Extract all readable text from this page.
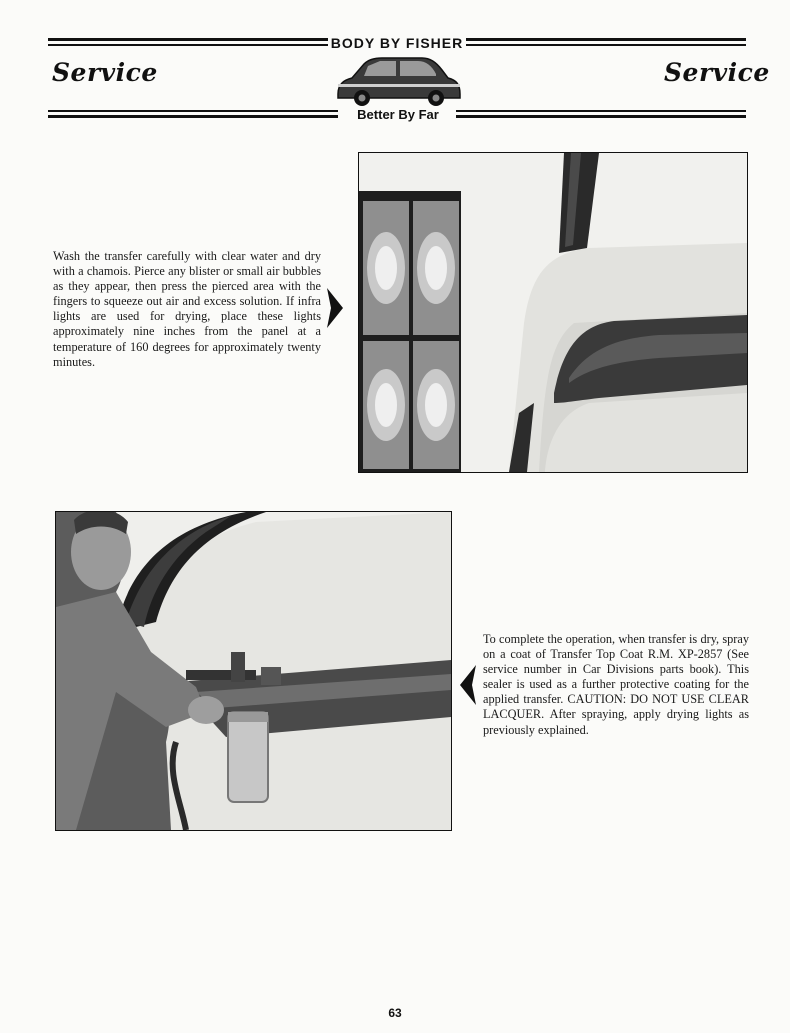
BODY BY FISHER
Service	Service
Better By Far
Wash the transfer carefully with clear water and dry with a chamois. Pierce any blister or small air bubbles as they appear, then press the pierced area with the fingers to squeeze out air and excess solution. If infra lights are used for drying, place these lights approximately nine inches from the panel at a temperature of 160 degrees for approximately twenty minutes.
To complete the operation, when transfer is dry, spray on a coat of Transfer Top Coat R.M. XP-2857 (See service number in Car Divisions parts book). This sealer is used as a further protective coating for the applied transfer. CAUTION: DO NOT USE CLEAR LACQUER. After spraying, apply drying lights as previously explained.
63
